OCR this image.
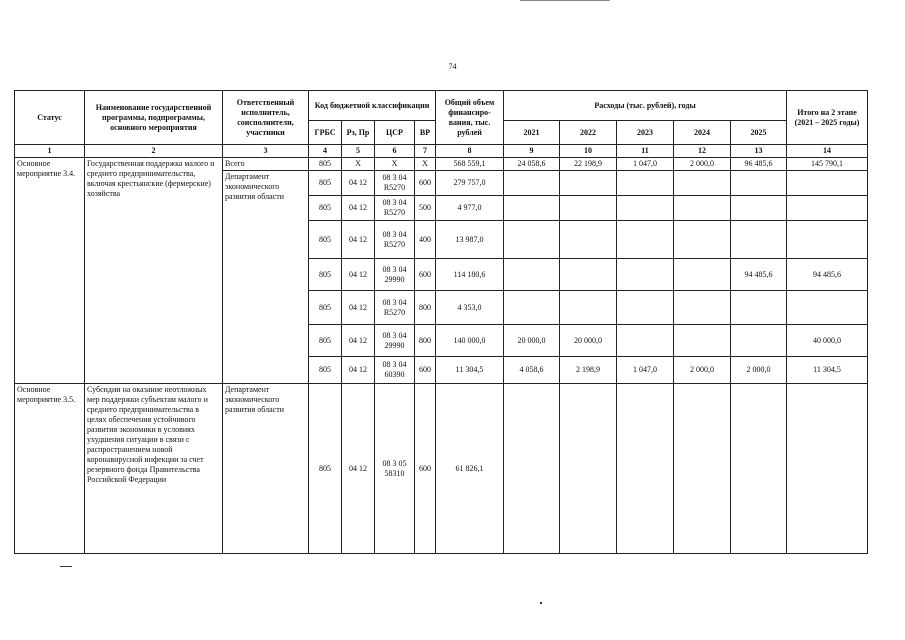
74
Статус	Наименование государственной программы, подпрограммы, основного мероприятия	Ответственный исполнитель, соисполнители, участники	Код бюджетной классификации				Общий объем финансиро- вания, тыс. рублей	Расходы (тыс. рублей), годы					Итого на 2 этапе (2021 – 2025 годы)
			ГРБС	Рз, Пр	ЦСР	ВР		2021	2022	2023	2024	2025	
1	2	3	4	5	6	7	8	9	10	11	12	13	14
Основное мероприятие 3.4.	Государственная поддержка малого и среднего предпринимательства, включая крестьянские (фермерские) хозяйства	Всего	805	X	X	X	568 559,1	24 058,6	22 198,9	1 047,0	2 000,0	96 485,6	145 790,1
		Департамент экономического развития области	805	04 12	08 3 04 R5270	600	279 757,0						
			805	04 12	08 3 04 R5270	500	4 977,0						
			805	04 12	08 3 04 R5270	400	13 987,0						
			805	04 12	08 3 04 29990	600	114 180,6					94 485,6	94 485,6
			805	04 12	08 3 04 R5270	800	4 353,0						
			805	04 12	08 3 04 29990	800	140 000,0	20 000,0	20 000,0				40 000,0
			805	04 12	08 3 04 60390	600	11 304,5	4 058,6	2 198,9	1 047,0	2 000,0	2 000,0	11 304,5
Основное мероприятие 3.5.	Субсидии на оказание неотложных мер поддержки субъектам малого и среднего предпринимательства в целях обеспечения устойчивого развития экономики в условиях ухудшения ситуации в связи с распространением новой коронавирусной инфекции за счет резервного фонда Правительства Российской Федерации	Департамент экономического развития области	805	04 12	08 3 05 58310	600	61 826,1						
